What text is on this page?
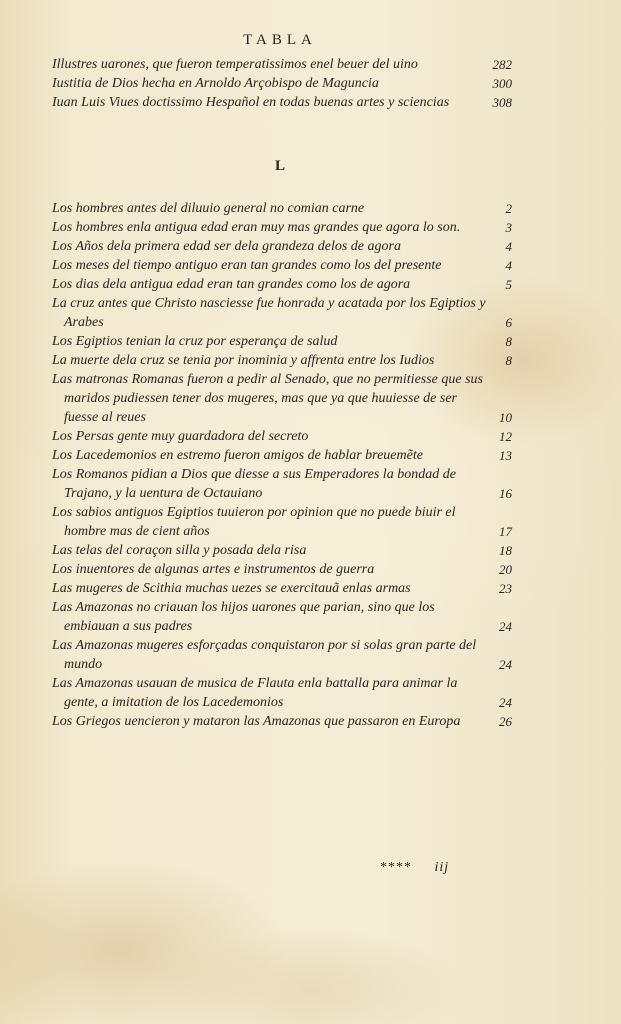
TABLA
Illustres uarones, que fueron temperatissimos enel beuer del uino	282
Iustitia de Dios hecha en Arnoldo Arçobispo de Maguncia	300
Iuan Luis Viues doctissimo Hespañol en todas buenas artes y sciencias	308
L
Los hombres antes del diluuio general no comian carne	2
Los hombres enla antigua edad eran muy mas grandes que agora lo son.	3
Los Años dela primera edad ser dela grandeza delos de agora	4
Los meses del tiempo antiguo eran tan grandes como los del presente	4
Los dias dela antigua edad eran tan grandes como los de agora	5
La cruz antes que Christo nasciesse fue honrada y acatada por los Egiptios y Arabes	6
Los Egiptios tenian la cruz por esperança de salud	8
La muerte dela cruz se tenia por inominia y affrenta entre los Iudios	8
Las matronas Romanas fueron a pedir al Senado, que no permitiesse que sus maridos pudiessen tener dos mugeres, mas que ya que huuiesse de ser fuesse al reues	10
Los Persas gente muy guardadora del secreto	12
Los Lacedemonios en estremo fueron amigos de hablar breuemẽte	13
Los Romanos pidian a Dios que diesse a sus Emperadores la bondad de Trajano, y la uentura de Octauiano	16
Los sabios antiguos Egiptios tuuieron por opinion que no puede biuir el hombre mas de cient años	17
Las telas del coraçon silla y posada dela risa	18
Los inuentores de algunas artes e instrumentos de guerra	20
Las mugeres de Scithia muchas uezes se exercitauã enlas armas	23
Las Amazonas no criauan los hijos uarones que parian, sino que los embiauan a sus padres	24
Las Amazonas mugeres esforçadas conquistaron por si solas gran parte del mundo	24
Las Amazonas usauan de musica de Flauta enla battalla para animar la gente, a imitation de los Lacedemonios	24
Los Griegos uencieron y mataron las Amazonas que passaron en Europa	26
**** iij
